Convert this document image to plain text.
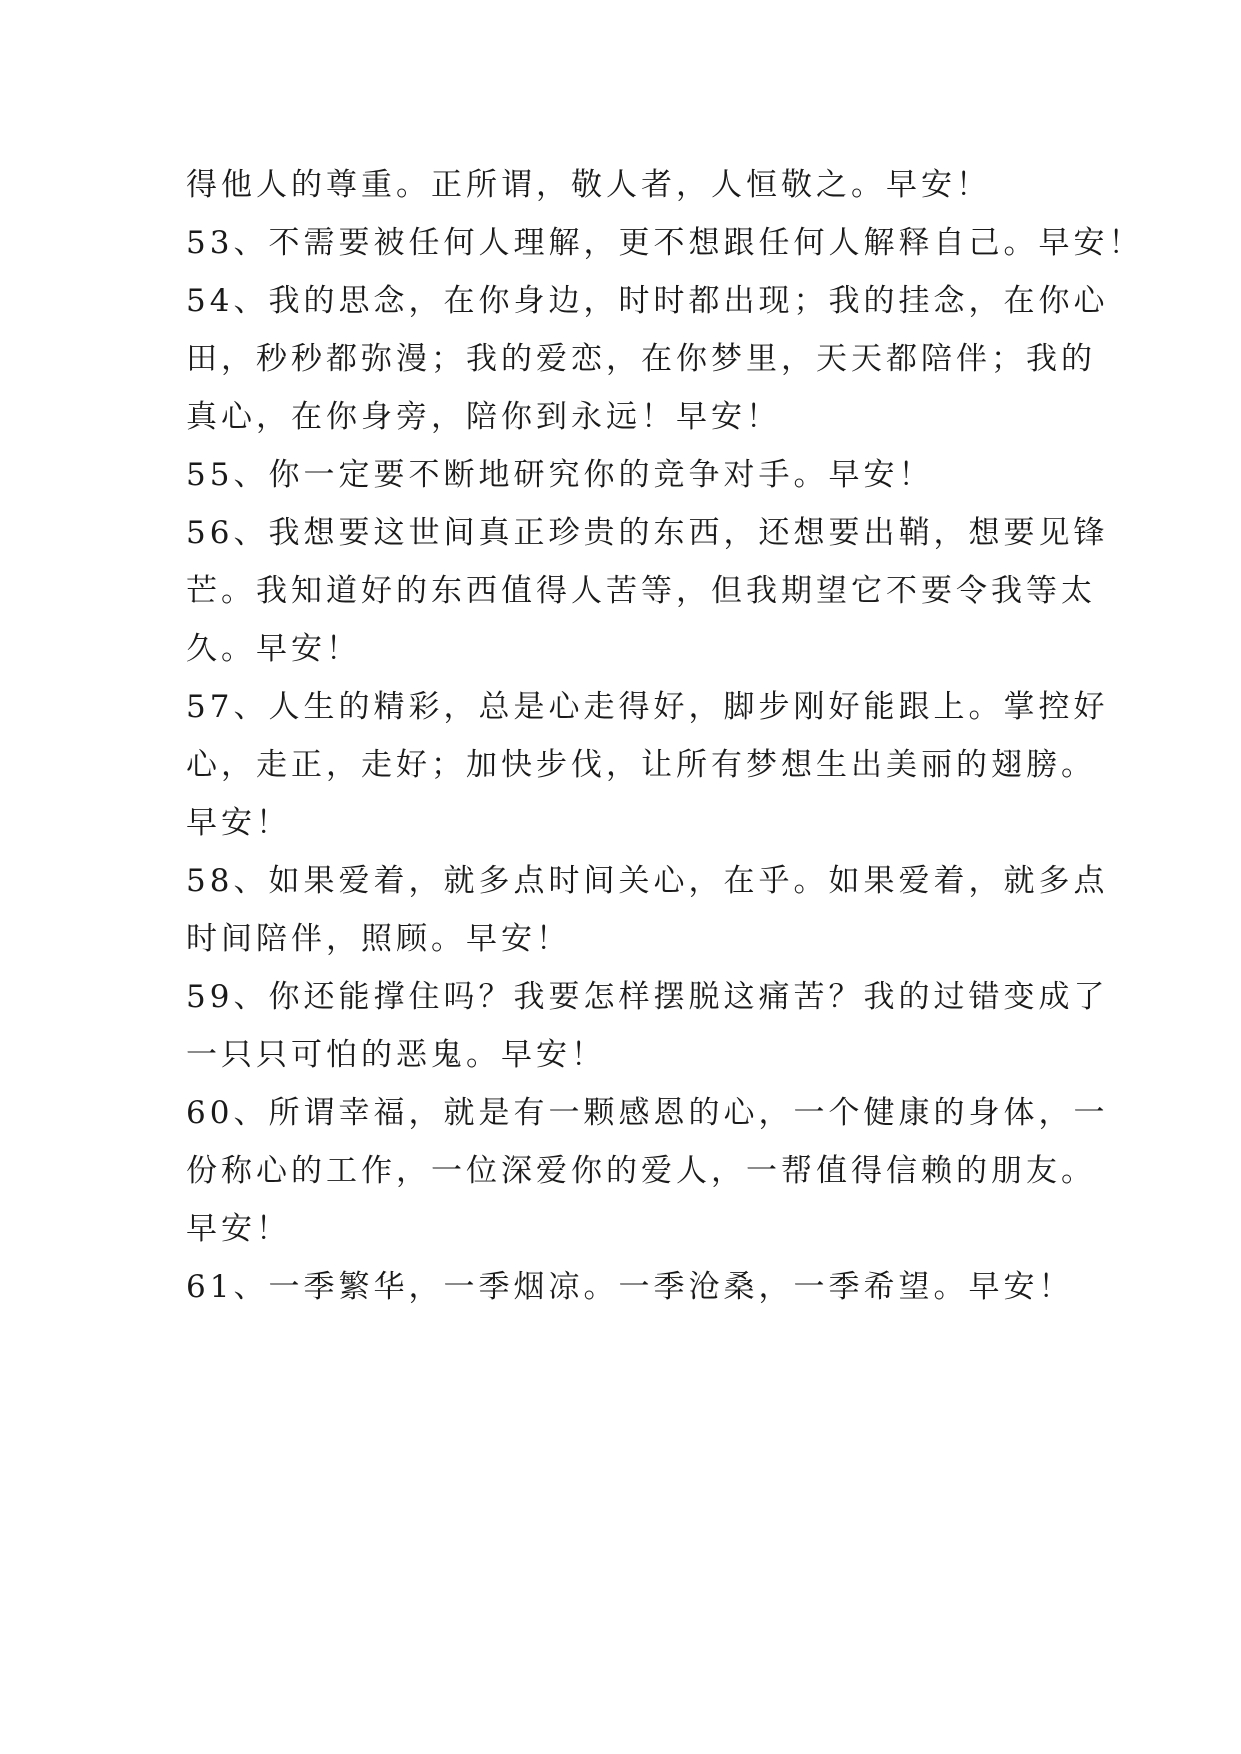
得他人的尊重。正所谓，敬人者，人恒敬之。早安！
53、不需要被任何人理解，更不想跟任何人解释自己。早安！
54、我的思念，在你身边，时时都出现；我的挂念，在你心
田，秒秒都弥漫；我的爱恋，在你梦里，天天都陪伴；我的
真心，在你身旁，陪你到永远！早安！
55、你一定要不断地研究你的竞争对手。早安！
56、我想要这世间真正珍贵的东西，还想要出鞘，想要见锋
芒。我知道好的东西值得人苦等，但我期望它不要令我等太
久。早安！
57、人生的精彩，总是心走得好，脚步刚好能跟上。掌控好
心，走正，走好；加快步伐，让所有梦想生出美丽的翅膀。
早安！
58、如果爱着，就多点时间关心，在乎。如果爱着，就多点
时间陪伴，照顾。早安！
59、你还能撑住吗？我要怎样摆脱这痛苦？我的过错变成了
一只只可怕的恶鬼。早安！
60、所谓幸福，就是有一颗感恩的心，一个健康的身体，一
份称心的工作，一位深爱你的爱人，一帮值得信赖的朋友。
早安！
61、一季繁华，一季烟凉。一季沧桑，一季希望。早安！
